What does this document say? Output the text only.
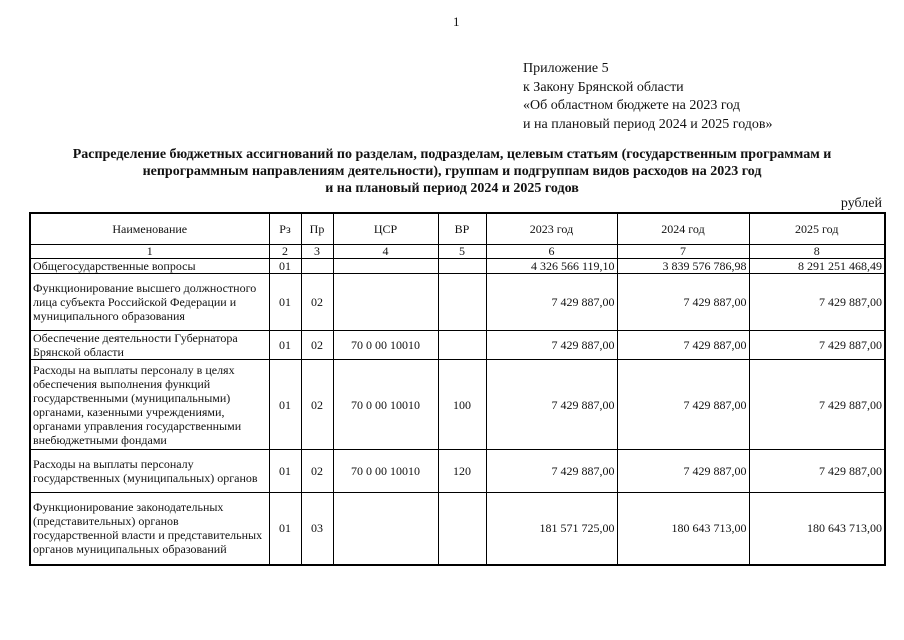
1
Приложение 5
к Закону Брянской области
«Об областном бюджете на 2023 год
и на плановый период 2024 и 2025 годов»
Распределение бюджетных ассигнований по разделам, подразделам, целевым статьям (государственным программам и
непрограммным направлениям деятельности), группам и подгруппам видов расходов на 2023 год
и на плановый период 2024 и 2025 годов
рублей
Наименование	Рз	Пр	ЦСР	ВР	2023 год	2024 год	2025 год
1	2	3	4	5	6	7	8
Общегосударственные вопросы	01				4 326 566 119,10	3 839 576 786,98	8 291 251 468,49
Функционирование высшего должностного лица субъекта Российской Федерации и муниципального образования	01	02			7 429 887,00	7 429 887,00	7 429 887,00
Обеспечение деятельности Губернатора Брянской области	01	02	70 0 00 10010		7 429 887,00	7 429 887,00	7 429 887,00
Расходы на выплаты персоналу в целях обеспечения выполнения функций государственными (муниципальными) органами, казенными учреждениями, органами управления государственными внебюджетными фондами	01	02	70 0 00 10010	100	7 429 887,00	7 429 887,00	7 429 887,00
Расходы на выплаты персоналу государственных (муниципальных) органов	01	02	70 0 00 10010	120	7 429 887,00	7 429 887,00	7 429 887,00
Функционирование законодательных (представительных) органов государственной власти и представительных органов муниципальных образований	01	03			181 571 725,00	180 643 713,00	180 643 713,00
